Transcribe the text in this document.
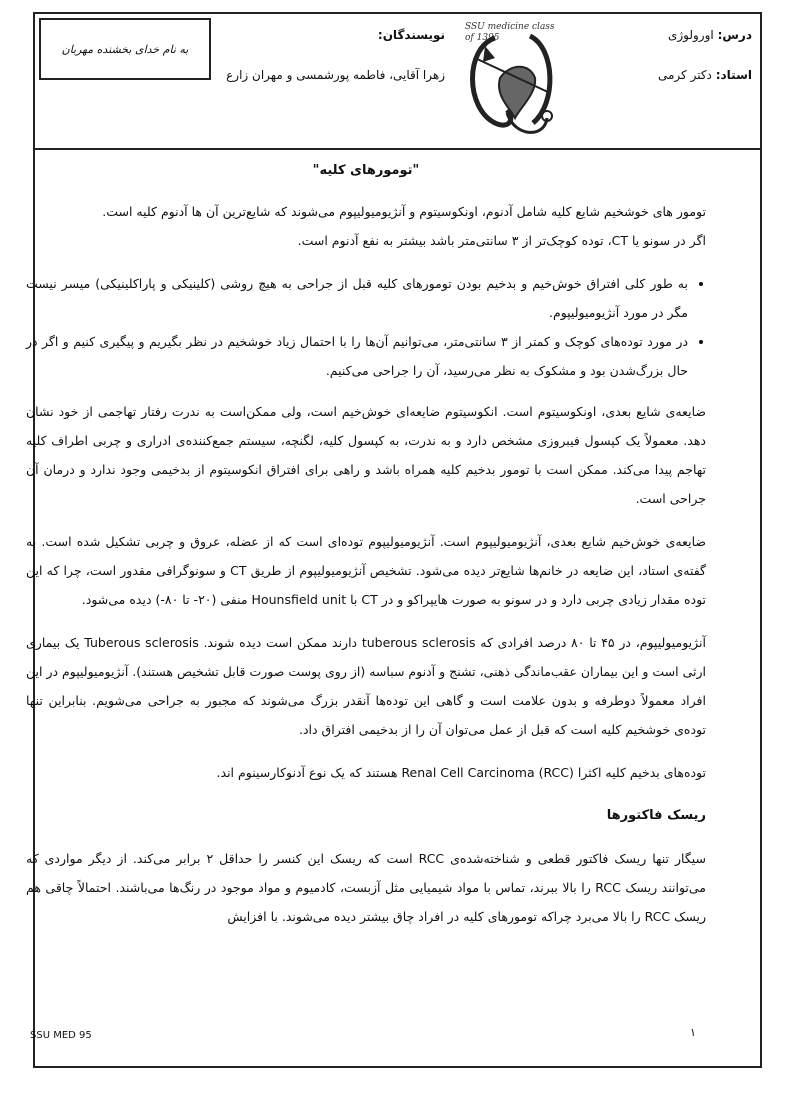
درس: اورولوژی
استاد: دکتر کرمی
SSU medicine class of 1395
نویسندگان:
زهرا آقایی، فاطمه پورشمسی و مهران زارع
به نام خدای بخشنده مهربان
"تومورهای کلیه"

تومور های خوشخیم شایع کلیه شامل آدنوم، اونکوسیتوم و آنژیومیولیپوم می‌شوند که شایع‌ترین آن ها آدنوم کلیه است.
اگر در سونو یا CT، توده کوچک‌تر از ۳ سانتی‌متر باشد بیشتر به نفع آدنوم است.

• به طور کلی افتراق خوش‌خیم و بدخیم بودن تومورهای کلیه قبل از جراحی به هیچ روشی (کلینیکی و پاراکلینیکی) میسر نیست مگر در مورد آنژیومیولیپوم.
• در مورد توده‌های کوچک و کمتر از ۳ سانتی‌متر، می‌توانیم آن‌ها را با احتمال زیاد خوشخیم در نظر بگیریم و پیگیری کنیم و اگر در حال بزرگ‌شدن بود و مشکوک به نظر می‌رسید، آن را جراحی می‌کنیم.

ضایعه‌ی شایع بعدی، اونکوسیتوم است. انکوسیتوم ضایعه‌ای خوش‌خیم است، ولی ممکن‌است به ندرت رفتار تهاجمی از خود نشان دهد. معمولاً یک کپسول فیبروزی مشخص دارد و به ندرت، به کپسول کلیه، لگنچه، سیستم جمع‌کننده‌ی ادراری و چربی اطراف کلیه تهاجم پیدا می‌کند. ممکن است با تومور بدخیم کلیه همراه باشد و راهی برای افتراق انکوسیتوم از بدخیمی وجود ندارد و درمان آن جراحی است.

ضایعه‌ی خوش‌خیم شایع بعدی، آنژیومیولیپوم است. آنژیومیولیپوم توده‌ای است که از عضله، عروق و چربی تشکیل شده است. به گفته‌ی استاد، این ضایعه در خانم‌ها شایع‌تر دیده می‌شود. تشخیص آنژیومیولیپوم از طریق CT و سونوگرافی مقدور است، چرا که این توده مقدار زیادی چربی دارد و در سونو به صورت هایپراکو و در CT با Hounsfield unit منفی (۲۰- تا ۸۰-) دیده می‌شود.

آنژیومیولیپوم، در ۴۵ تا ۸۰ درصد افرادی که tuberous sclerosis دارند ممکن است دیده شوند. Tuberous sclerosis یک بیماری ارثی است و این بیماران عقب‌ماندگی ذهنی، تشنج و آدنوم سباسه (از روی پوست صورت قابل تشخیص هستند). آنژیومیولیپوم در این افراد معمولاً دوطرفه و بدون علامت است و گاهی این توده‌ها آنقدر بزرگ می‌شوند که مجبور به جراحی می‌شویم. بنابراین تنها توده‌ی خوشخیم کلیه است که قبل از عمل می‌توان آن را از بدخیمی افتراق داد.

توده‌های بدخیم کلیه اکثرا Renal Cell Carcinoma (RCC) هستند که یک نوع آدنوکارسینوم اند.

ریسک فاکتورها

سیگار تنها ریسک فاکتور قطعی و شناخته‌شده‌ی RCC است که ریسک این کنسر را حداقل ۲ برابر می‌کند. از دیگر مواردی که می‌توانند ریسک RCC را بالا ببرند، تماس با مواد شیمیایی مثل آزبست، کادمیوم و مواد موجود در رنگ‌ها می‌باشند. احتمالاً چاقی هم ریسک RCC را بالا می‌برد چراکه تومورهای کلیه در افراد چاق بیشتر دیده می‌شوند. با افزایش

SSU MED 95	۱
